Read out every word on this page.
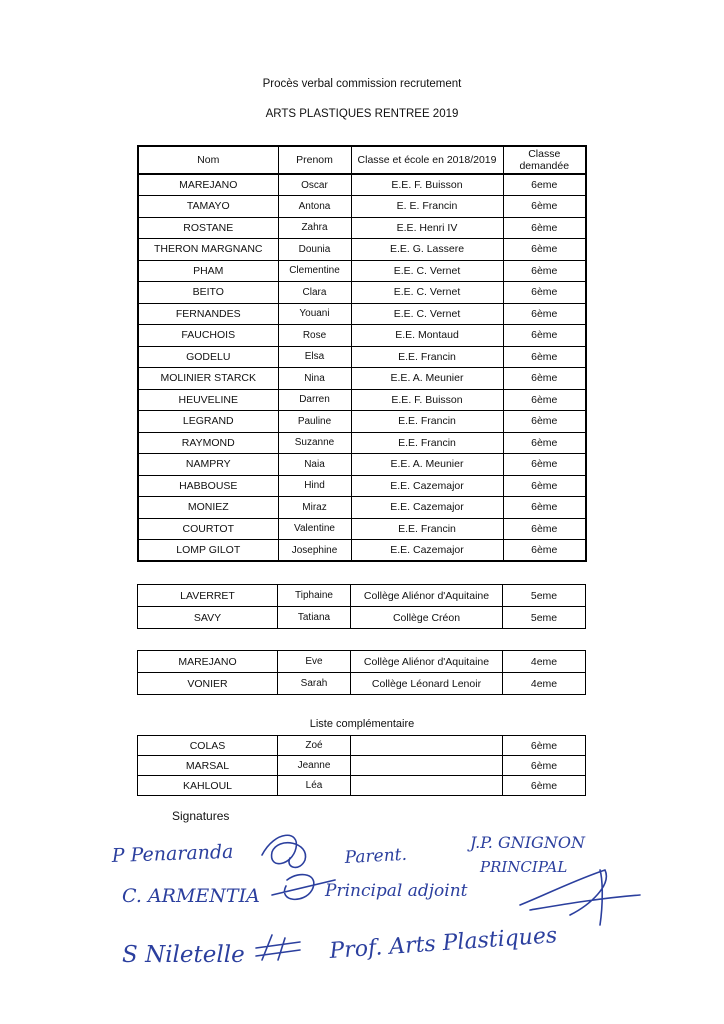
Procès verbal commission recrutement
ARTS PLASTIQUES RENTREE 2019
Nom	Prenom	Classe et école en 2018/2019	Classe
demandée
MAREJANO	Oscar	E.E. F. Buisson	6eme
TAMAYO	Antona	E. E. Francin	6ème
ROSTANE	Zahra	E.E. Henri IV	6ème
THERON MARGNANC	Dounia	E.E. G. Lassere	6ème
PHAM	Clementine	E.E. C. Vernet	6ème
BEITO	Clara	E.E. C. Vernet	6ème
FERNANDES	Youani	E.E. C. Vernet	6ème
FAUCHOIS	Rose	E.E. Montaud	6ème
GODELU	Elsa	E.E. Francin	6ème
MOLINIER STARCK	Nina	E.E. A. Meunier	6ème
HEUVELINE	Darren	E.E. F. Buisson	6ème
LEGRAND	Pauline	E.E. Francin	6ème
RAYMOND	Suzanne	E.E. Francin	6ème
NAMPRY	Naia	E.E. A. Meunier	6ème
HABBOUSE	Hind	E.E. Cazemajor	6ème
MONIEZ	Miraz	E.E. Cazemajor	6ème
COURTOT	Valentine	E.E. Francin	6ème
LOMP GILOT	Josephine	E.E. Cazemajor	6ème
LAVERRET	Tiphaine	Collège Aliénor d'Aquitaine	5eme
SAVY	Tatiana	Collège Créon	5eme
MAREJANO	Eve	Collège Aliénor d'Aquitaine	4eme
VONIER	Sarah	Collège Léonard Lenoir	4eme
Liste complémentaire
COLAS	Zoé		6ème
MARSAL	Jeanne		6ème
KAHLOUL	Léa		6ème
Signatures
P Penaranda	Parent.
J.P. GNIGNON
PRINCIPAL
C. ARMENTIA	Principal adjoint
S Niletelle	Prof. Arts Plastiques
